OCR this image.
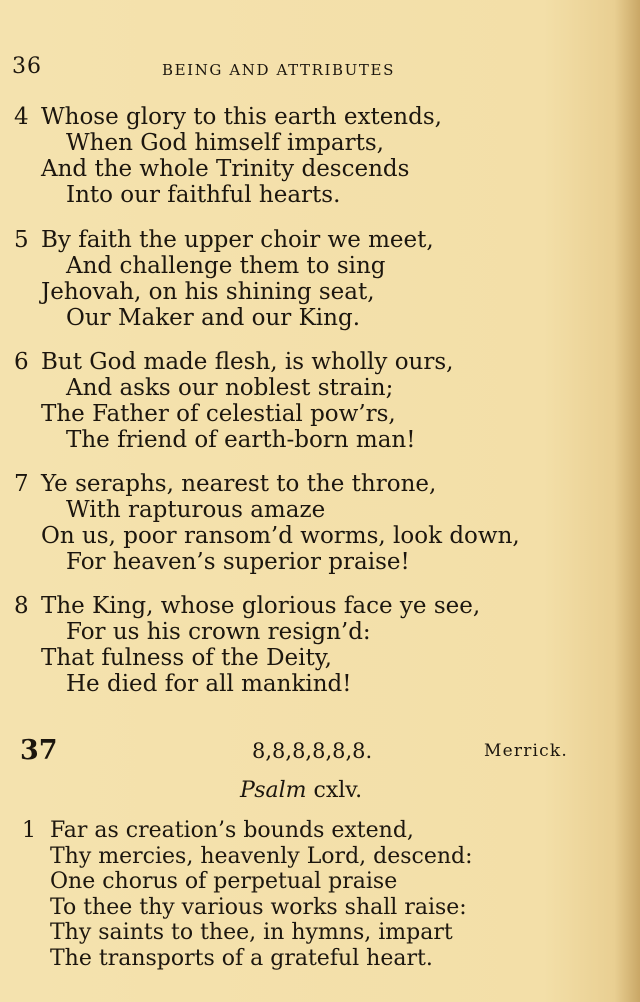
36	BEING AND ATTRIBUTES
4 Whose glory to this earth extends,
When God himself imparts,
And the whole Trinity descends
Into our faithful hearts.
5 By faith the upper choir we meet,
And challenge them to sing
Jehovah, on his shining seat,
Our Maker and our King.
6 But God made flesh, is wholly ours,
And asks our noblest strain;
The Father of celestial pow’rs,
The friend of earth-born man!
7 Ye seraphs, nearest to the throne,
With rapturous amaze
On us, poor ransom’d worms, look down,
For heaven’s superior praise!
8 The King, whose glorious face ye see,
For us his crown resign’d:
That fulness of the Deity,
He died for all mankind!
37	8,8,8,8,8,8.	Merrick.
Psalm cxlv.
1 Far as creation’s bounds extend,
Thy mercies, heavenly Lord, descend:
One chorus of perpetual praise
To thee thy various works shall raise:
Thy saints to thee, in hymns, impart
The transports of a grateful heart.
